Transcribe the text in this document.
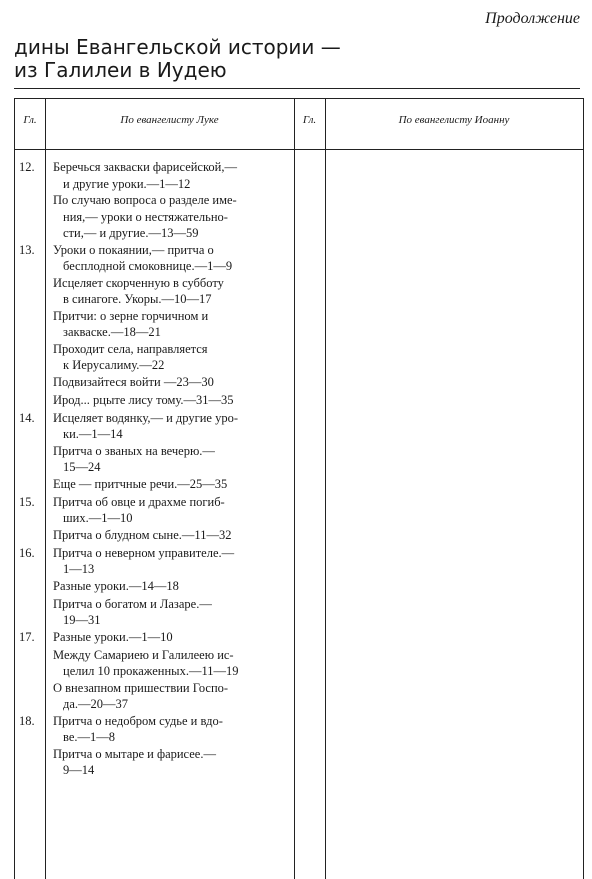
Продолжение
дины Евангельской истории —
из Галилеи в Иудею
Гл.	По евангелисту Луке	Гл.	По евангелисту Иоанну
12.	Беречься закваски фарисейской,—
и другие уроки.—1—12
По случаю вопроса о разделе име-
ния,— уроки о нестяжательно-
сти,— и другие.—13—59
13.	Уроки о покаянии,— притча о
бесплодной смоковнице.—1—9
Исцеляет скорченную в субботу
в синагоге. Укоры.—10—17
Притчи: о зерне горчичном и
закваске.—18—21
Проходит села, направляется
к Иерусалиму.—22
Подвизайтеся войти —23—30
Ирод... рцыте лису тому.—31—35
14.	Исцеляет водянку,— и другие уро-
ки.—1—14
Притча о званых на вечерю.—
15—24
Еще — притчные речи.—25—35
15.	Притча об овце и драхме погиб-
ших.—1—10
Притча о блудном сыне.—11—32
16.	Притча о неверном управителе.—
1—13
Разные уроки.—14—18
Притча о богатом и Лазаре.—
19—31
17.	Разные уроки.—1—10
Между Самариею и Галилеею ис-
целил 10 прокаженных.—11—19
О внезапном пришествии Госпо-
да.—20—37
18.	Притча о недобром судье и вдо-
ве.—1—8
Притча о мытаре и фарисее.—
9—14
